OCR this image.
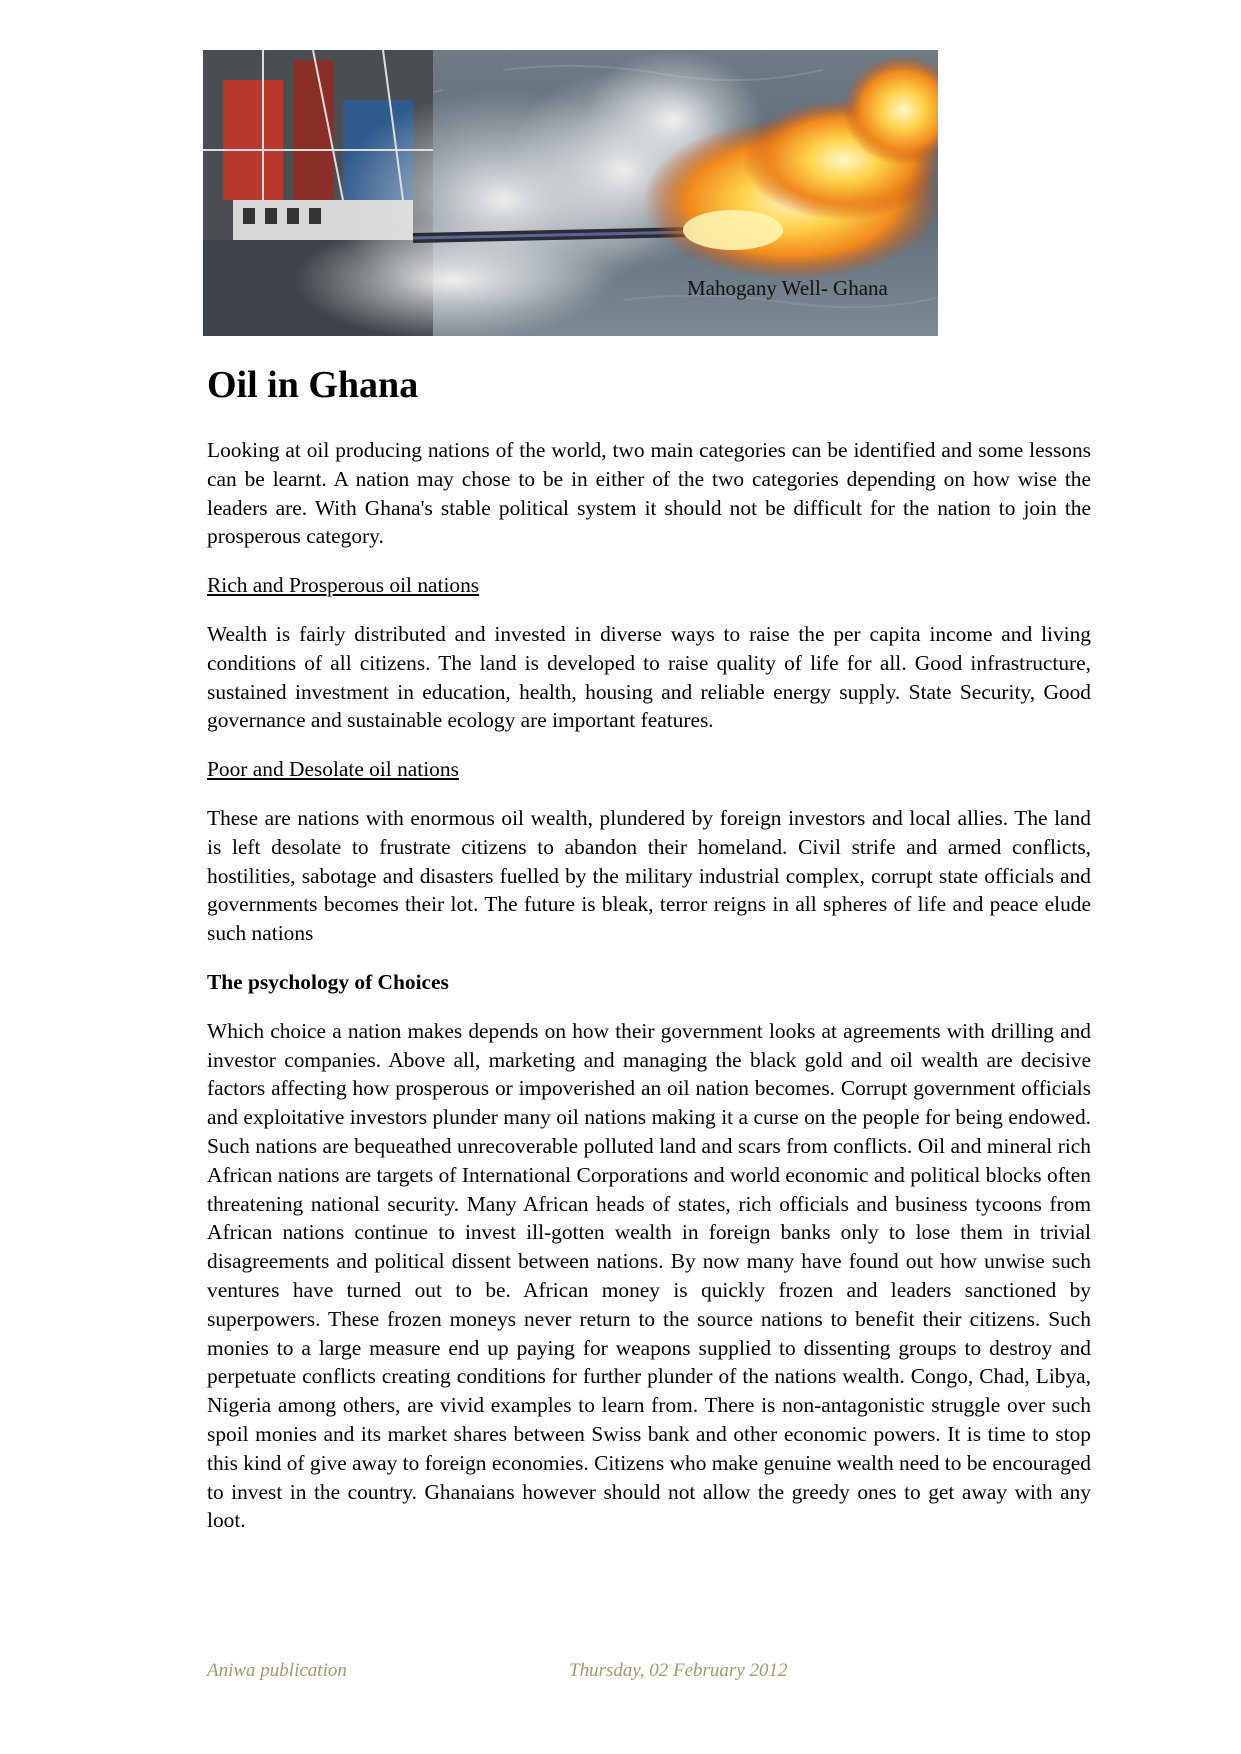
Mahogany Well- Ghana
Oil in Ghana

Looking at oil producing nations of the world, two main categories can be identified and some lessons can be learnt. A nation may chose to be in either of the two categories depending on how wise the leaders are. With Ghana's stable political system it should not be difficult for the nation to join the prosperous category.

Rich and Prosperous oil nations

Wealth is fairly distributed and invested in diverse ways to raise the per capita income and living conditions of all citizens. The land is developed to raise quality of life for all. Good infrastructure, sustained investment in education, health, housing and reliable energy supply. State Security, Good governance and sustainable ecology are important features.

Poor and Desolate oil nations

These are nations with enormous oil wealth, plundered by foreign investors and local allies. The land is left desolate to frustrate citizens to abandon their homeland. Civil strife and armed conflicts, hostilities, sabotage and disasters fuelled by the military industrial complex, corrupt state officials and governments becomes their lot. The future is bleak, terror reigns in all spheres of life and peace elude such nations

The psychology of Choices

Which choice a nation makes depends on how their government looks at agreements with drilling and investor companies. Above all, marketing and managing the black gold and oil wealth are decisive factors affecting how prosperous or impoverished an oil nation becomes. Corrupt government officials and exploitative investors plunder many oil nations making it a curse on the people for being endowed. Such nations are bequeathed unrecoverable polluted land and scars from conflicts. Oil and mineral rich African nations are targets of International Corporations and world economic and political blocks often threatening national security. Many African heads of states, rich officials and business tycoons from African nations continue to invest ill-gotten wealth in foreign banks only to lose them in trivial disagreements and political dissent between nations. By now many have found out how unwise such ventures have turned out to be. African money is quickly frozen and leaders sanctioned by superpowers. These frozen moneys never return to the source nations to benefit their citizens. Such monies to a large measure end up paying for weapons supplied to dissenting groups to destroy and perpetuate conflicts creating conditions for further plunder of the nations wealth. Congo, Chad, Libya, Nigeria among others, are vivid examples to learn from. There is non-antagonistic struggle over such spoil monies and its market shares between Swiss bank and other economic powers. It is time to stop this kind of give away to foreign economies. Citizens who make genuine wealth need to be encouraged to invest in the country. Ghanaians however should not allow the greedy ones to get away with any loot.

Aniwa publication	Thursday, 02 February 2012
